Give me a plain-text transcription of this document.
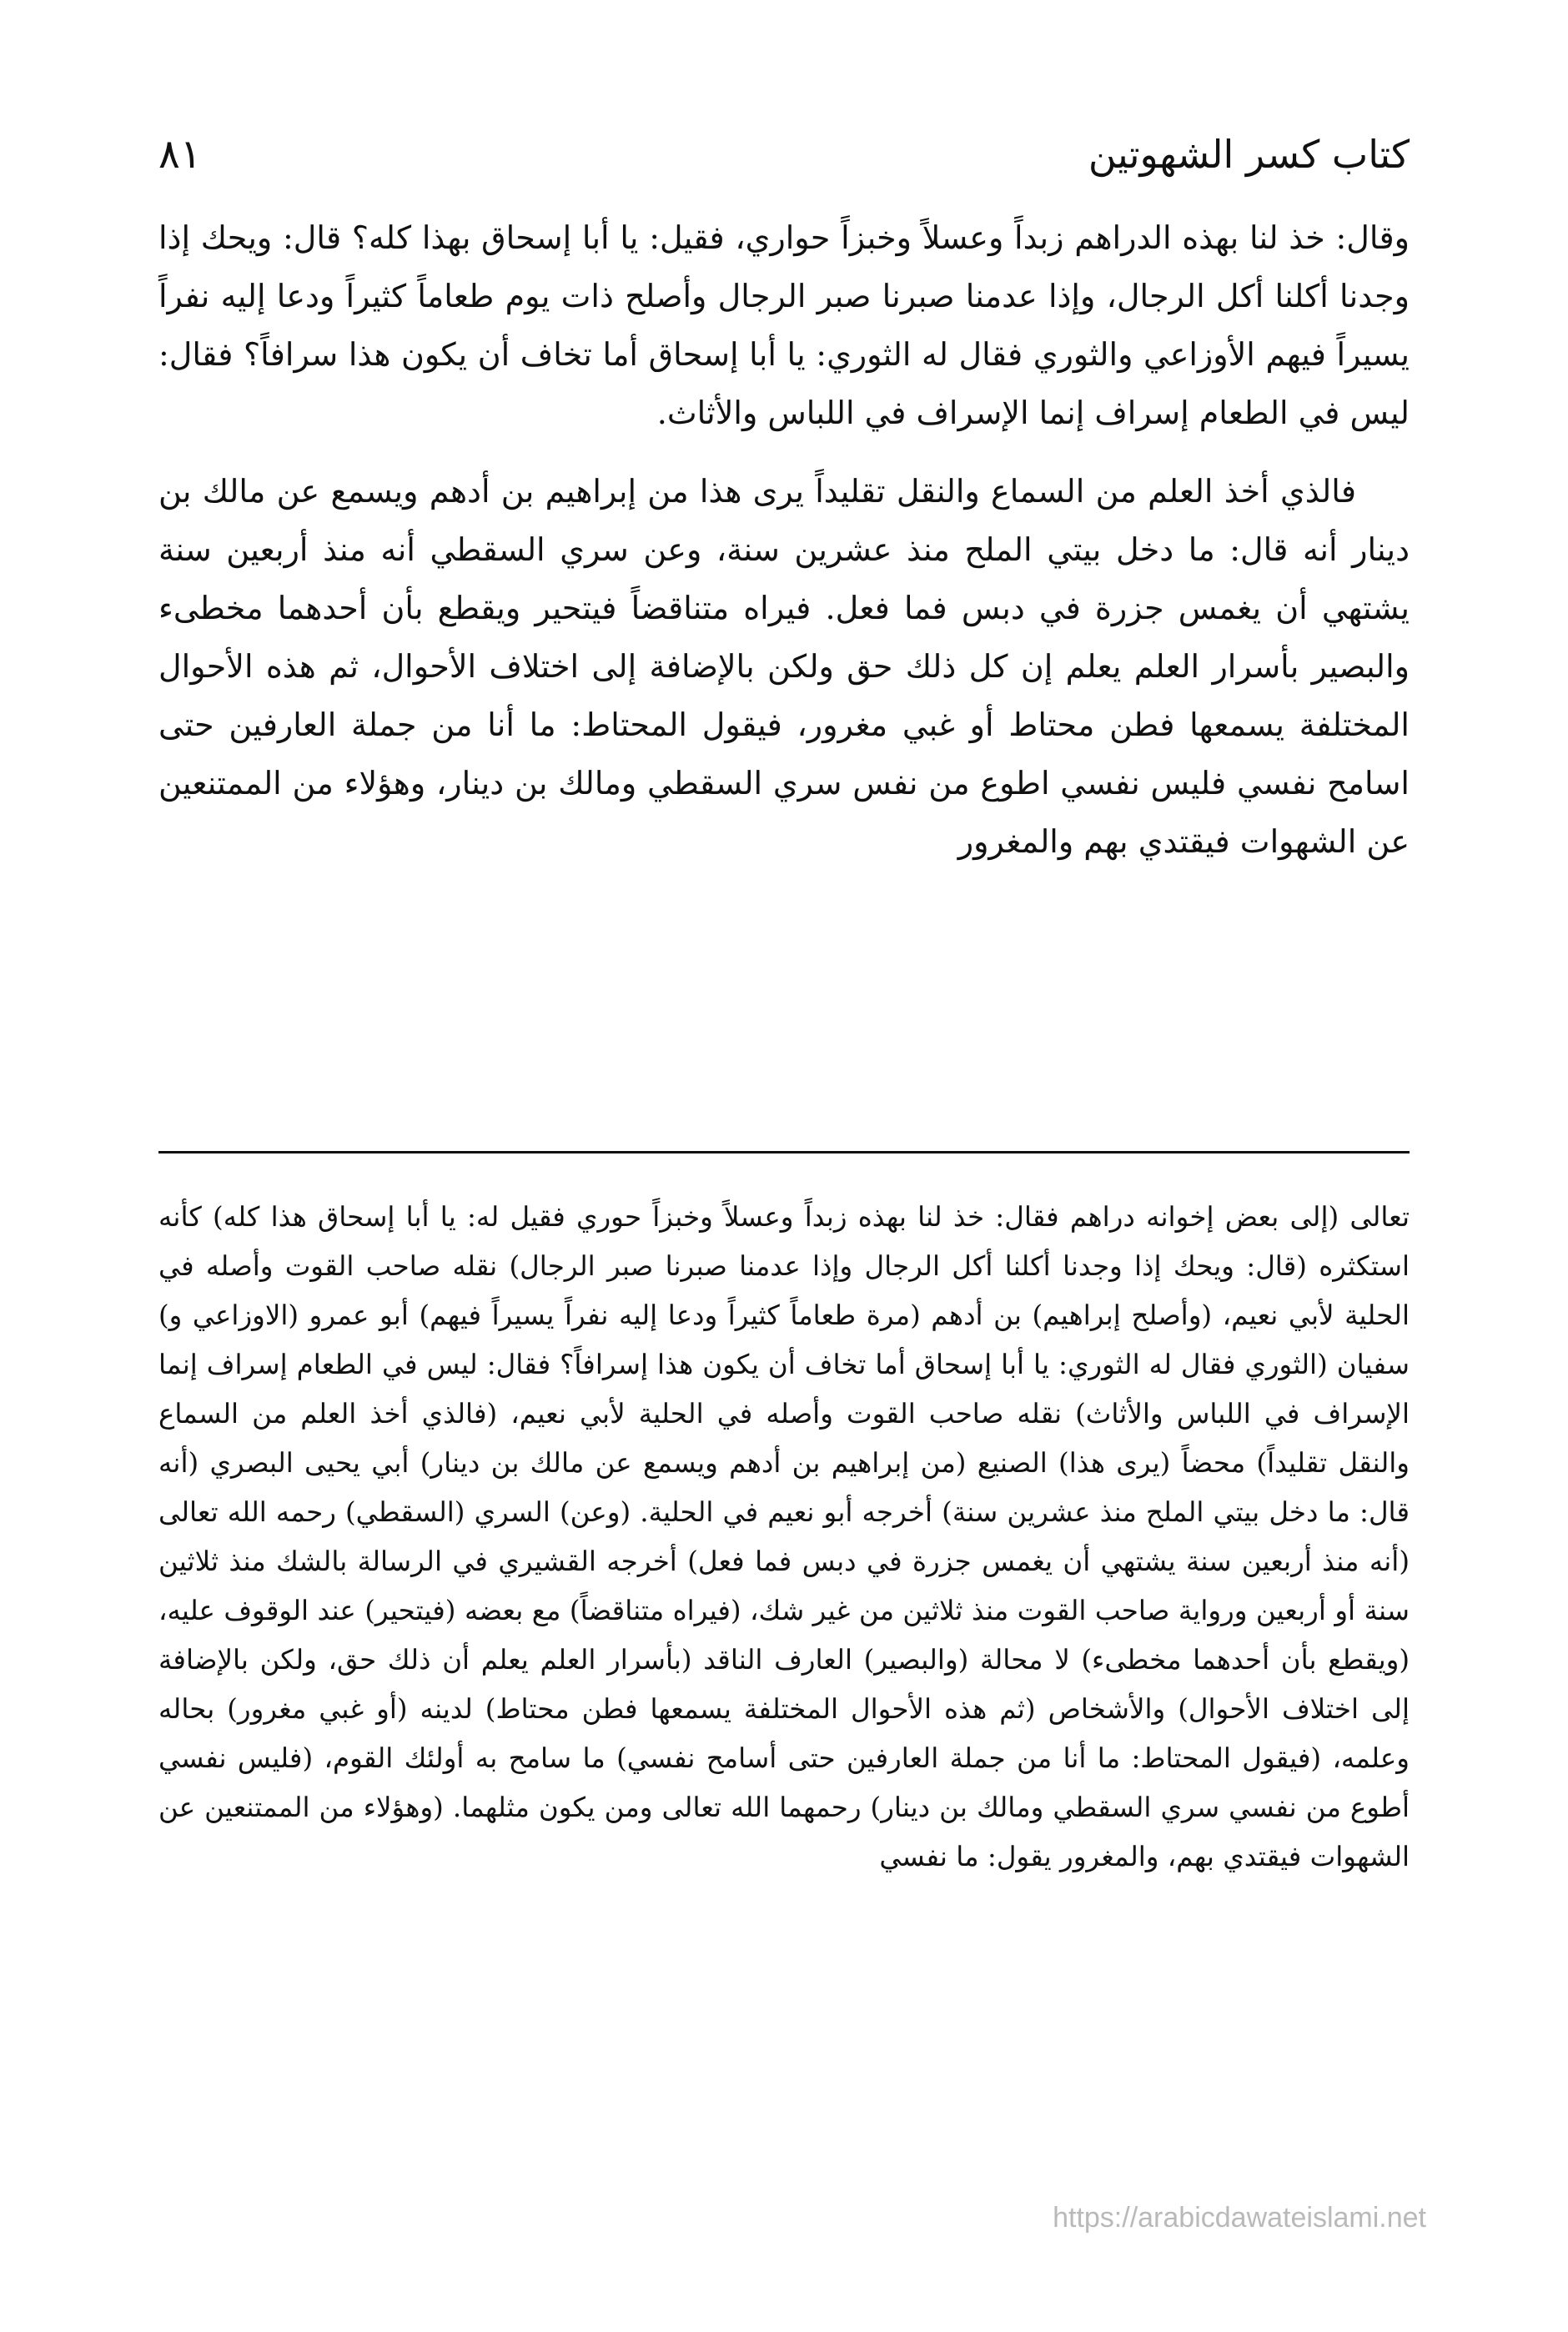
كتاب كسر الشهوتين
٨١

وقال: خذ لنا بهذه الدراهم زبداً وعسلاً وخبزاً حواري، فقيل: يا أبا إسحاق بهذا كله؟ قال: ويحك إذا وجدنا أكلنا أكل الرجال، وإذا عدمنا صبرنا صبر الرجال وأصلح ذات يوم طعاماً كثيراً ودعا إليه نفراً يسيراً فيهم الأوزاعي والثوري فقال له الثوري: يا أبا إسحاق أما تخاف أن يكون هذا سرافاً؟ فقال: ليس في الطعام إسراف إنما الإسراف في اللباس والأثاث.

فالذي أخذ العلم من السماع والنقل تقليداً يرى هذا من إبراهيم بن أدهم ويسمع عن مالك بن دينار أنه قال: ما دخل بيتي الملح منذ عشرين سنة، وعن سري السقطي أنه منذ أربعين سنة يشتهي أن يغمس جزرة في دبس فما فعل. فيراه متناقضاً فيتحير ويقطع بأن أحدهما مخطىء والبصير بأسرار العلم يعلم إن كل ذلك حق ولكن بالإضافة إلى اختلاف الأحوال، ثم هذه الأحوال المختلفة يسمعها فطن محتاط أو غبي مغرور، فيقول المحتاط: ما أنا من جملة العارفين حتى اسامح نفسي فليس نفسي اطوع من نفس سري السقطي ومالك بن دينار، وهؤلاء من الممتنعين عن الشهوات فيقتدي بهم والمغرور

تعالى (إلى بعض إخوانه دراهم فقال: خذ لنا بهذه زبداً وعسلاً وخبزاً حوري فقيل له: يا أبا إسحاق هذا كله) كأنه استكثره (قال: ويحك إذا وجدنا أكلنا أكل الرجال وإذا عدمنا صبرنا صبر الرجال) نقله صاحب القوت وأصله في الحلية لأبي نعيم، (وأصلح إبراهيم) بن أدهم (مرة طعاماً كثيراً ودعا إليه نفراً يسيراً فيهم) أبو عمرو (الاوزاعي و) سفيان (الثوري فقال له الثوري: يا أبا إسحاق أما تخاف أن يكون هذا إسرافاً؟ فقال: ليس في الطعام إسراف إنما الإسراف في اللباس والأثاث) نقله صاحب القوت وأصله في الحلية لأبي نعيم، (فالذي أخذ العلم من السماع والنقل تقليداً) محضاً (يرى هذا) الصنيع (من إبراهيم بن أدهم ويسمع عن مالك بن دينار) أبي يحيى البصري (أنه قال: ما دخل بيتي الملح منذ عشرين سنة) أخرجه أبو نعيم في الحلية. (وعن) السري (السقطي) رحمه الله تعالى (أنه منذ أربعين سنة يشتهي أن يغمس جزرة في دبس فما فعل) أخرجه القشيري في الرسالة بالشك منذ ثلاثين سنة أو أربعين ورواية صاحب القوت منذ ثلاثين من غير شك، (فيراه متناقضاً) مع بعضه (فيتحير) عند الوقوف عليه، (ويقطع بأن أحدهما مخطىء) لا محالة (والبصير) العارف الناقد (بأسرار العلم يعلم أن ذلك حق، ولكن بالإضافة إلى اختلاف الأحوال) والأشخاص (ثم هذه الأحوال المختلفة يسمعها فطن محتاط) لدينه (أو غبي مغرور) بحاله وعلمه، (فيقول المحتاط: ما أنا من جملة العارفين حتى أسامح نفسي) ما سامح به أولئك القوم، (فليس نفسي أطوع من نفسي سري السقطي ومالك بن دينار) رحمهما الله تعالى ومن يكون مثلهما. (وهؤلاء من الممتنعين عن الشهوات فيقتدي بهم، والمغرور يقول: ما نفسي

https://arabicdawateislami.net
